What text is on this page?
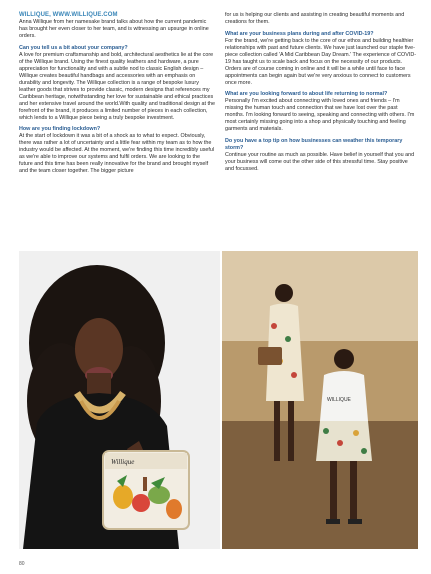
WILLIQUE, WWW.WILLIQUE.COM

Anna Willique from her namesake brand talks about how the current pandemic has brought her even closer to her team, and is witnessing an upsurge in online orders.

Can you tell us a bit about your company?
A love for premium craftsmanship and bold, architectural aesthetics lie at the core of the Willique brand. Using the finest quality leathers and hardware, a pure appreciation for functionality and with a subtle nod to classic English design – Willique creates beautiful handbags and accessories with an emphasis on durability and longevity. The Willique collection is a range of bespoke luxury leather goods that strives to provide classic, modern designs that references my Caribbean heritage, notwithstanding her love for sustainable and ethical practices and her extensive travel around the world.With quality and traditional design at the forefront of the brand, it produces a limited number of pieces in each collection, which lends to a Willique piece being a truly bespoke investment.

How are you finding lockdown?
At the start of lockdown it was a bit of a shock as to what to expect. Obviously, there was rather a lot of uncertainty and a little fear within my team as to how the industry would be affected. At the moment, we're finding this time incredibly useful as we're able to improve our systems and fulfil orders. We are looking to the future and this time has been really innovative for the brand and brought myself and the team closer together. The bigger picture

for us is helping our clients and assisting in creating beautiful moments and creations for them.

What are your business plans during and after COVID-19?
For the brand, we're getting back to the core of our ethos and building healthier relationships with past and future clients. We have just launched our staple five-piece collection called 'A Mid Caribbean Day Dream.' The experience of COVID-19 has taught us to scale back and focus on the necessity of our products. Orders are of course coming in online and it will be a while until face to face appointments can begin again but we're very anxious to connect to customers once more.

What are you looking forward to about life returning to normal?
Personally I'm excited about connecting with loved ones and friends – I'm missing the human touch and connection that we have lost over the past months. I'm looking forward to seeing, speaking and connecting with others. I'm most certainly missing going into a shop and physically touching and feeling garments and materials.

Do you have a top tip on how businesses can weather this temporary storm?
Continue your routine as much as possible. Have belief in yourself that you and your business will come out the other side of this stressful time. Stay positive and focussed.

Willique
WILLIQUE
80
